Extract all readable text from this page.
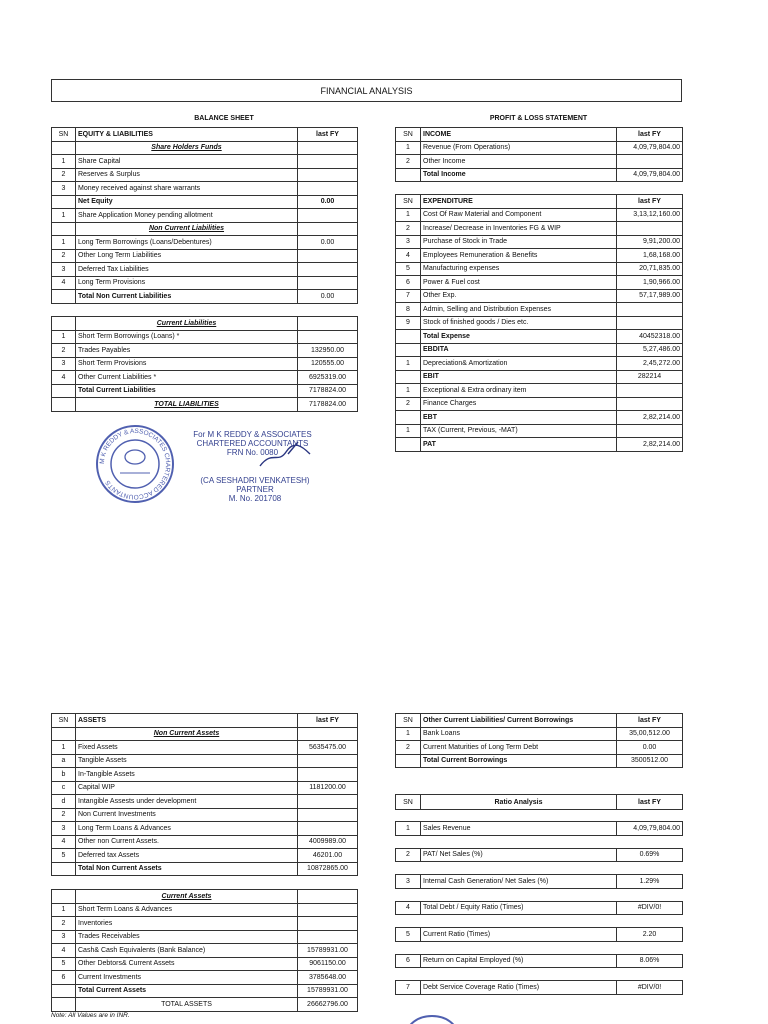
FINANCIAL ANALYSIS
BALANCE SHEET
SN	EQUITY & LIABILITIES	last FY
	Share Holders Funds	
1	Share Capital	
2	Reserves & Surplus	
3	Money received against share warrants	
	Net Equity	0.00
1	Share Application Money pending allotment	
	Non Current Liabilities	
1	Long Term Borrowings (Loans/Debentures)	0.00
2	Other Long Term Liabilities	
3	Deferred Tax Liabilities	
4	Long Term Provisions	
	Total Non Current Liabilities	0.00
	Current Liabilities	
1	Short Term Borrowings (Loans) *	
2	Trades Payables	132950.00
3	Short Term Provisions	120555.00
4	Other Current Liabilities *	6925319.00
	Total Current Liabilities	7178824.00
	TOTAL LIABILITIES	7178824.00
PROFIT & LOSS STATEMENT
SN	INCOME	last FY
1	Revenue (From Operations)	4,09,79,804.00
2	Other Income	
	Total Income	4,09,79,804.00
SN	EXPENDITURE	last FY
1	Cost Of Raw Material and Component	3,13,12,160.00
2	Increase/ Decrease in Inventories FG & WIP	
3	Purchase of Stock in Trade	9,91,200.00
4	Employees Remuneration & Benefits	1,68,168.00
5	Manufacturing expenses	20,71,835.00
6	Power & Fuel cost	1,90,966.00
7	Other Exp.	57,17,989.00
8	Admin, Selling and Distribution Expenses	
9	Stock of finished goods / Dies etc.	
	Total Expense	40452318.00
	EBDITA	5,27,486.00
1	Depreciation& Amortization	2,45,272.00
	EBIT	282214
1	Exceptional & Extra ordinary item	
2	Finance Charges	
	EBT	2,82,214.00
1	TAX (Current, Previous, -MAT)	
	PAT	2,82,214.00
M K REDDY & ASSOCIATES CHARTERED ACCOUNTANTS
For M K REDDY & ASSOCIATES
CHARTERED ACCOUNTANTS
FRN No. 0080
(CA SESHADRI VENKATESH)
PARTNER
M. No. 201708
SN	ASSETS	last FY
	Non Current Assets	
1	Fixed Assets	5635475.00
a	Tangible Assets	
b	In-Tangible Assets	
c	Capital WIP	1181200.00
d	Intangible Assests under development	
2	Non Current Investments	
3	Long Term Loans & Advances	
4	Other non Current Assets.	4009989.00
5	Deferred tax Assets	46201.00
	Total Non Current Assets	10872865.00
	Current Assets	
1	Short Term Loans & Advances	
2	Inventories	
3	Trades Receivables	
4	Cash& Cash Equivalents (Bank Balance)	15789931.00
5	Other Debtors& Current Assets	9061150.00
6	Current Investments	3785648.00
	Total Current Assets	15789931.00
	TOTAL ASSETS	26662796.00
Note: All Values are in INR.
SN	Other Current Liabilities/ Current Borrowings	last FY
1	Bank Loans	35,00,512.00
2	Current Maturities of Long Term Debt	0.00
	Total Current Borrowings	3500512.00
SN	Ratio Analysis	last FY

1	Sales Revenue	4,09,79,804.00

2	PAT/ Net Sales (%)	0.69%

3	Internal Cash Generation/ Net Sales (%)	1.29%

4	Total Debt / Equity Ratio (Times)	#DIV/0!

5	Current Ratio (Times)	2.20

6	Return on Capital Employed (%)	8.06%

7	Debt Service Coverage Ratio (Times)	#DIV/0!
